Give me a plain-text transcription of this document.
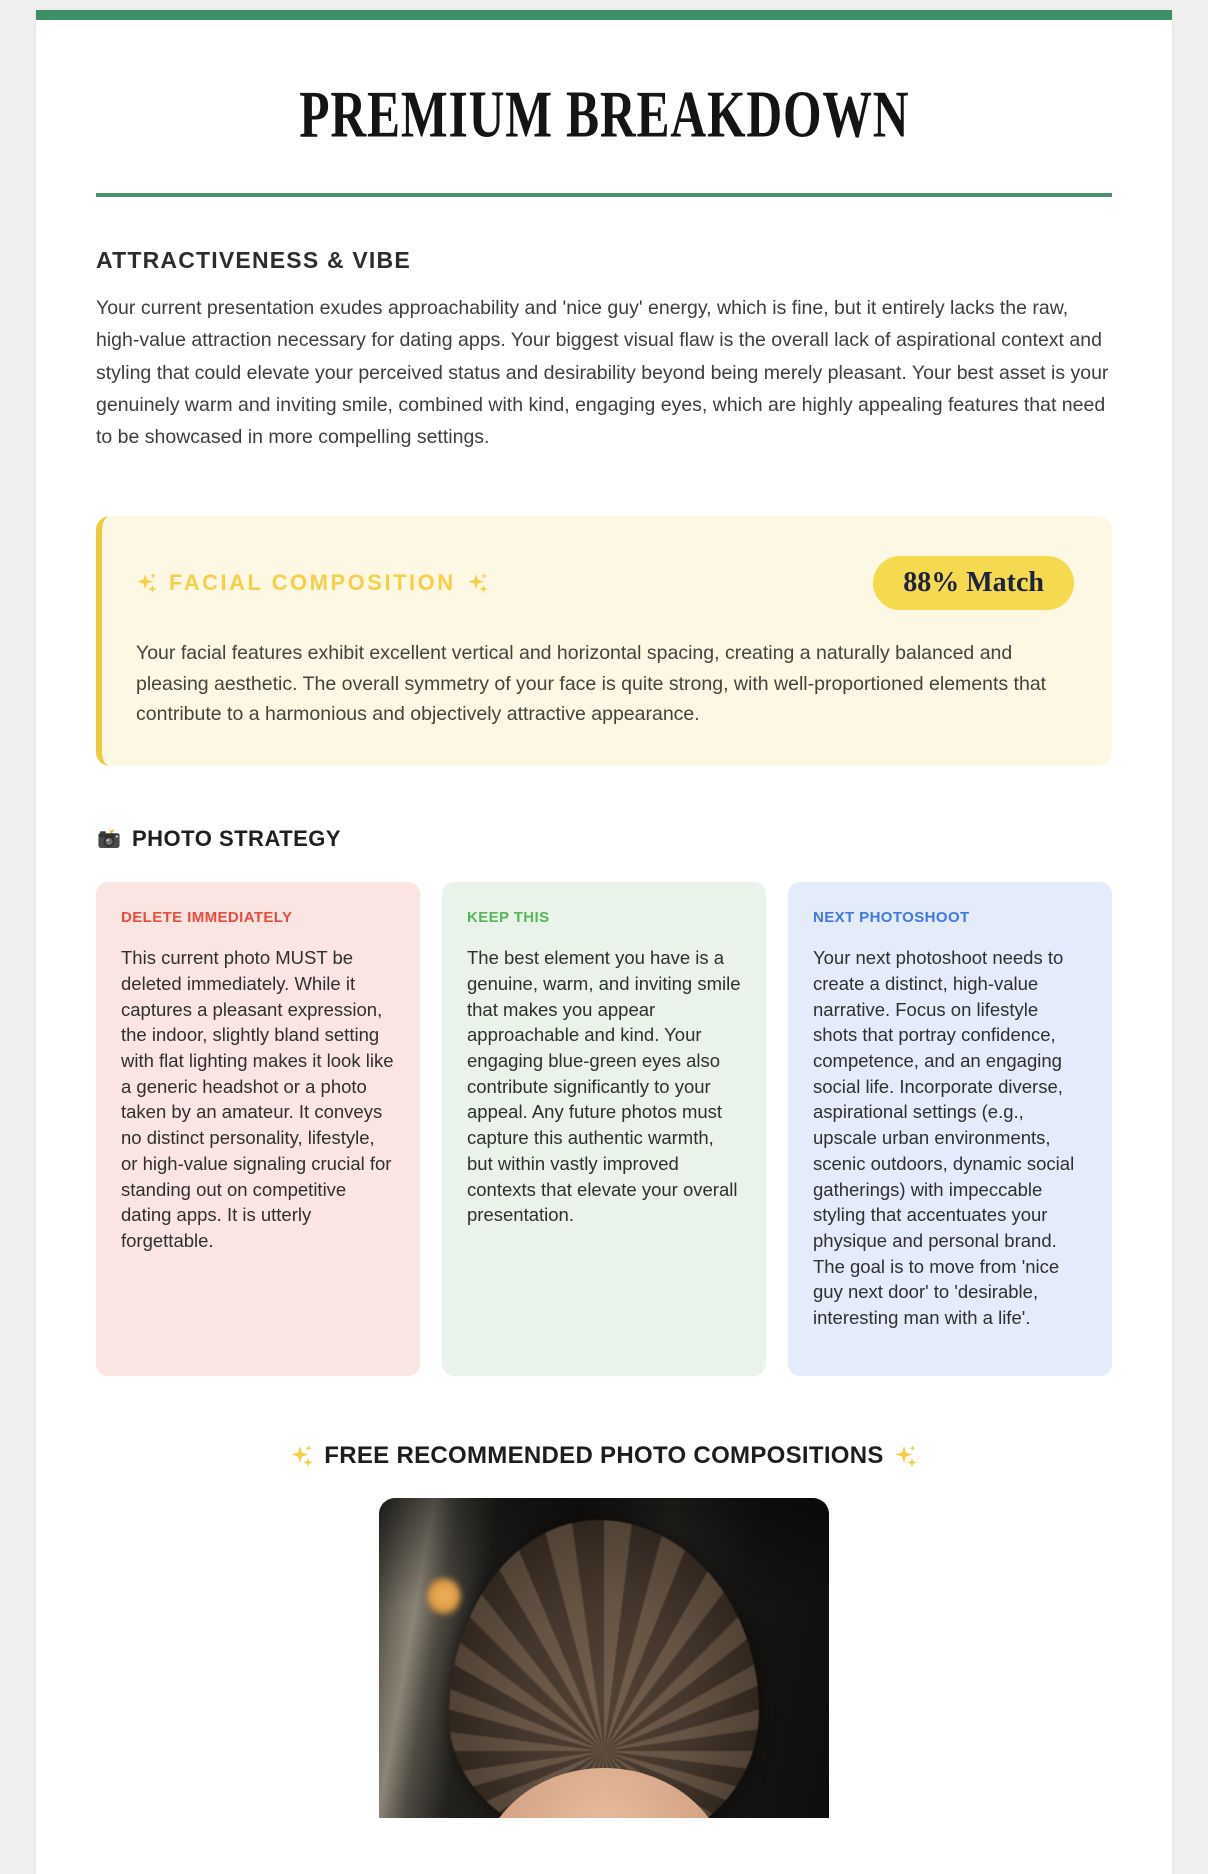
PREMIUM BREAKDOWN
ATTRACTIVENESS & VIBE

Your current presentation exudes approachability and 'nice guy' energy, which is fine, but it entirely lacks the raw, high-value attraction necessary for dating apps. Your biggest visual flaw is the overall lack of aspirational context and styling that could elevate your perceived status and desirability beyond being merely pleasant. Your best asset is your genuinely warm and inviting smile, combined with kind, engaging eyes, which are highly appealing features that need to be showcased in more compelling settings.

FACIAL COMPOSITION	88% Match

Your facial features exhibit excellent vertical and horizontal spacing, creating a naturally balanced and pleasing aesthetic. The overall symmetry of your face is quite strong, with well-proportioned elements that contribute to a harmonious and objectively attractive appearance.

PHOTO STRATEGY
DELETE IMMEDIATELY

This current photo MUST be deleted immediately. While it captures a pleasant expression, the indoor, slightly bland setting with flat lighting makes it look like a generic headshot or a photo taken by an amateur. It conveys no distinct personality, lifestyle, or high-value signaling crucial for standing out on competitive dating apps. It is utterly forgettable.

KEEP THIS

The best element you have is a genuine, warm, and inviting smile that makes you appear approachable and kind. Your engaging blue-green eyes also contribute significantly to your appeal. Any future photos must capture this authentic warmth, but within vastly improved contexts that elevate your overall presentation.

NEXT PHOTOSHOOT

Your next photoshoot needs to create a distinct, high-value narrative. Focus on lifestyle shots that portray confidence, competence, and an engaging social life. Incorporate diverse, aspirational settings (e.g., upscale urban environments, scenic outdoors, dynamic social gatherings) with impeccable styling that accentuates your physique and personal brand. The goal is to move from 'nice guy next door' to 'desirable, interesting man with a life'.

FREE RECOMMENDED PHOTO COMPOSITIONS
